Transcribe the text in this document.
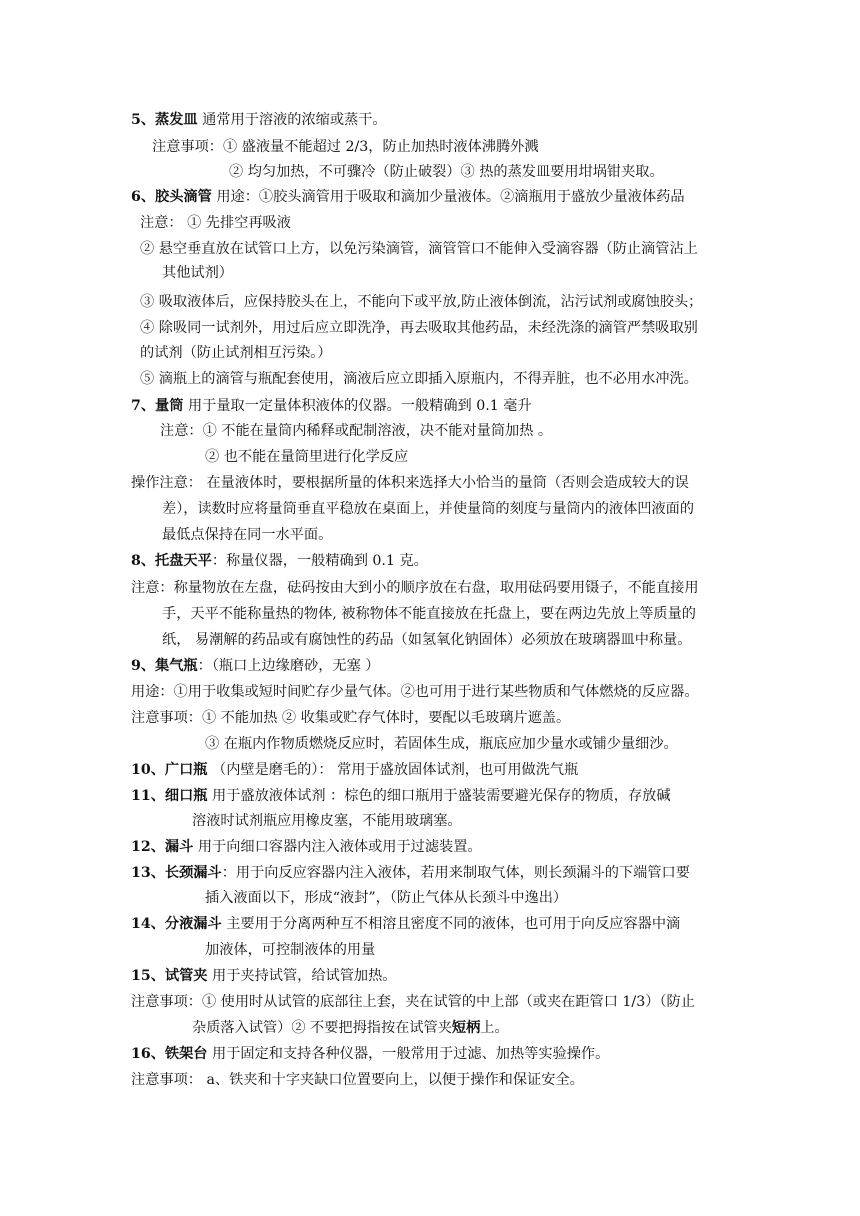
5、蒸发皿 通常用于溶液的浓缩或蒸干。
注意事项：① 盛液量不能超过 2/3，防止加热时液体沸腾外溅
② 均匀加热，不可骤冷（防止破裂）③ 热的蒸发皿要用坩埚钳夹取。
6、胶头滴管 用途：①胶头滴管用于吸取和滴加少量液体。②滴瓶用于盛放少量液体药品
注意： ① 先排空再吸液
② 悬空垂直放在试管口上方，以免污染滴管，滴管管口不能伸入受滴容器（防止滴管沾上
其他试剂）
③ 吸取液体后，应保持胶头在上，不能向下或平放,防止液体倒流，沾污试剂或腐蚀胶头；
④ 除吸同一试剂外，用过后应立即洗净，再去吸取其他药品，未经洗涤的滴管严禁吸取别
的试剂（防止试剂相互污染。）
⑤ 滴瓶上的滴管与瓶配套使用，滴液后应立即插入原瓶内，不得弄脏，也不必用水冲洗。
7、量筒 用于量取一定量体积液体的仪器。一般精确到 0.1 毫升
注意：① 不能在量筒内稀释或配制溶液，决不能对量筒加热 。
② 也不能在量筒里进行化学反应
操作注意： 在量液体时，要根据所量的体积来选择大小恰当的量筒（否则会造成较大的误
差），读数时应将量筒垂直平稳放在桌面上，并使量筒的刻度与量筒内的液体凹液面的
最低点保持在同一水平面。
8、托盘天平：称量仪器，一般精确到 0.1 克。
注意：称量物放在左盘，砝码按由大到小的顺序放在右盘，取用砝码要用镊子，不能直接用
手，天平不能称量热的物体, 被称物体不能直接放在托盘上，要在两边先放上等质量的
纸， 易潮解的药品或有腐蚀性的药品（如氢氧化钠固体）必须放在玻璃器皿中称量。
9、集气瓶：（瓶口上边缘磨砂，无塞 ）
用途：①用于收集或短时间贮存少量气体。②也可用于进行某些物质和气体燃烧的反应器。
注意事项：① 不能加热 ② 收集或贮存气体时，要配以毛玻璃片遮盖。
③ 在瓶内作物质燃烧反应时，若固体生成，瓶底应加少量水或铺少量细沙。
10、广口瓶 （内壁是磨毛的）： 常用于盛放固体试剂，也可用做洗气瓶
11、细口瓶 用于盛放液体试剂 ：棕色的细口瓶用于盛装需要避光保存的物质，存放碱
溶液时试剂瓶应用橡皮塞，不能用玻璃塞。
12、漏斗 用于向细口容器内注入液体或用于过滤装置。
13、长颈漏斗：用于向反应容器内注入液体，若用来制取气体，则长颈漏斗的下端管口要
插入液面以下，形成“液封”，（防止气体从长颈斗中逸出）
14、分液漏斗 主要用于分离两种互不相溶且密度不同的液体，也可用于向反应容器中滴
加液体，可控制液体的用量
15、试管夹 用于夹持试管，给试管加热。
注意事项：① 使用时从试管的底部往上套，夹在试管的中上部（或夹在距管口 1/3）（防止
杂质落入试管）② 不要把拇指按在试管夹短柄上。
16、铁架台 用于固定和支持各种仪器，一般常用于过滤、加热等实验操作。
注意事项： a、铁夹和十字夹缺口位置要向上，以便于操作和保证安全。
